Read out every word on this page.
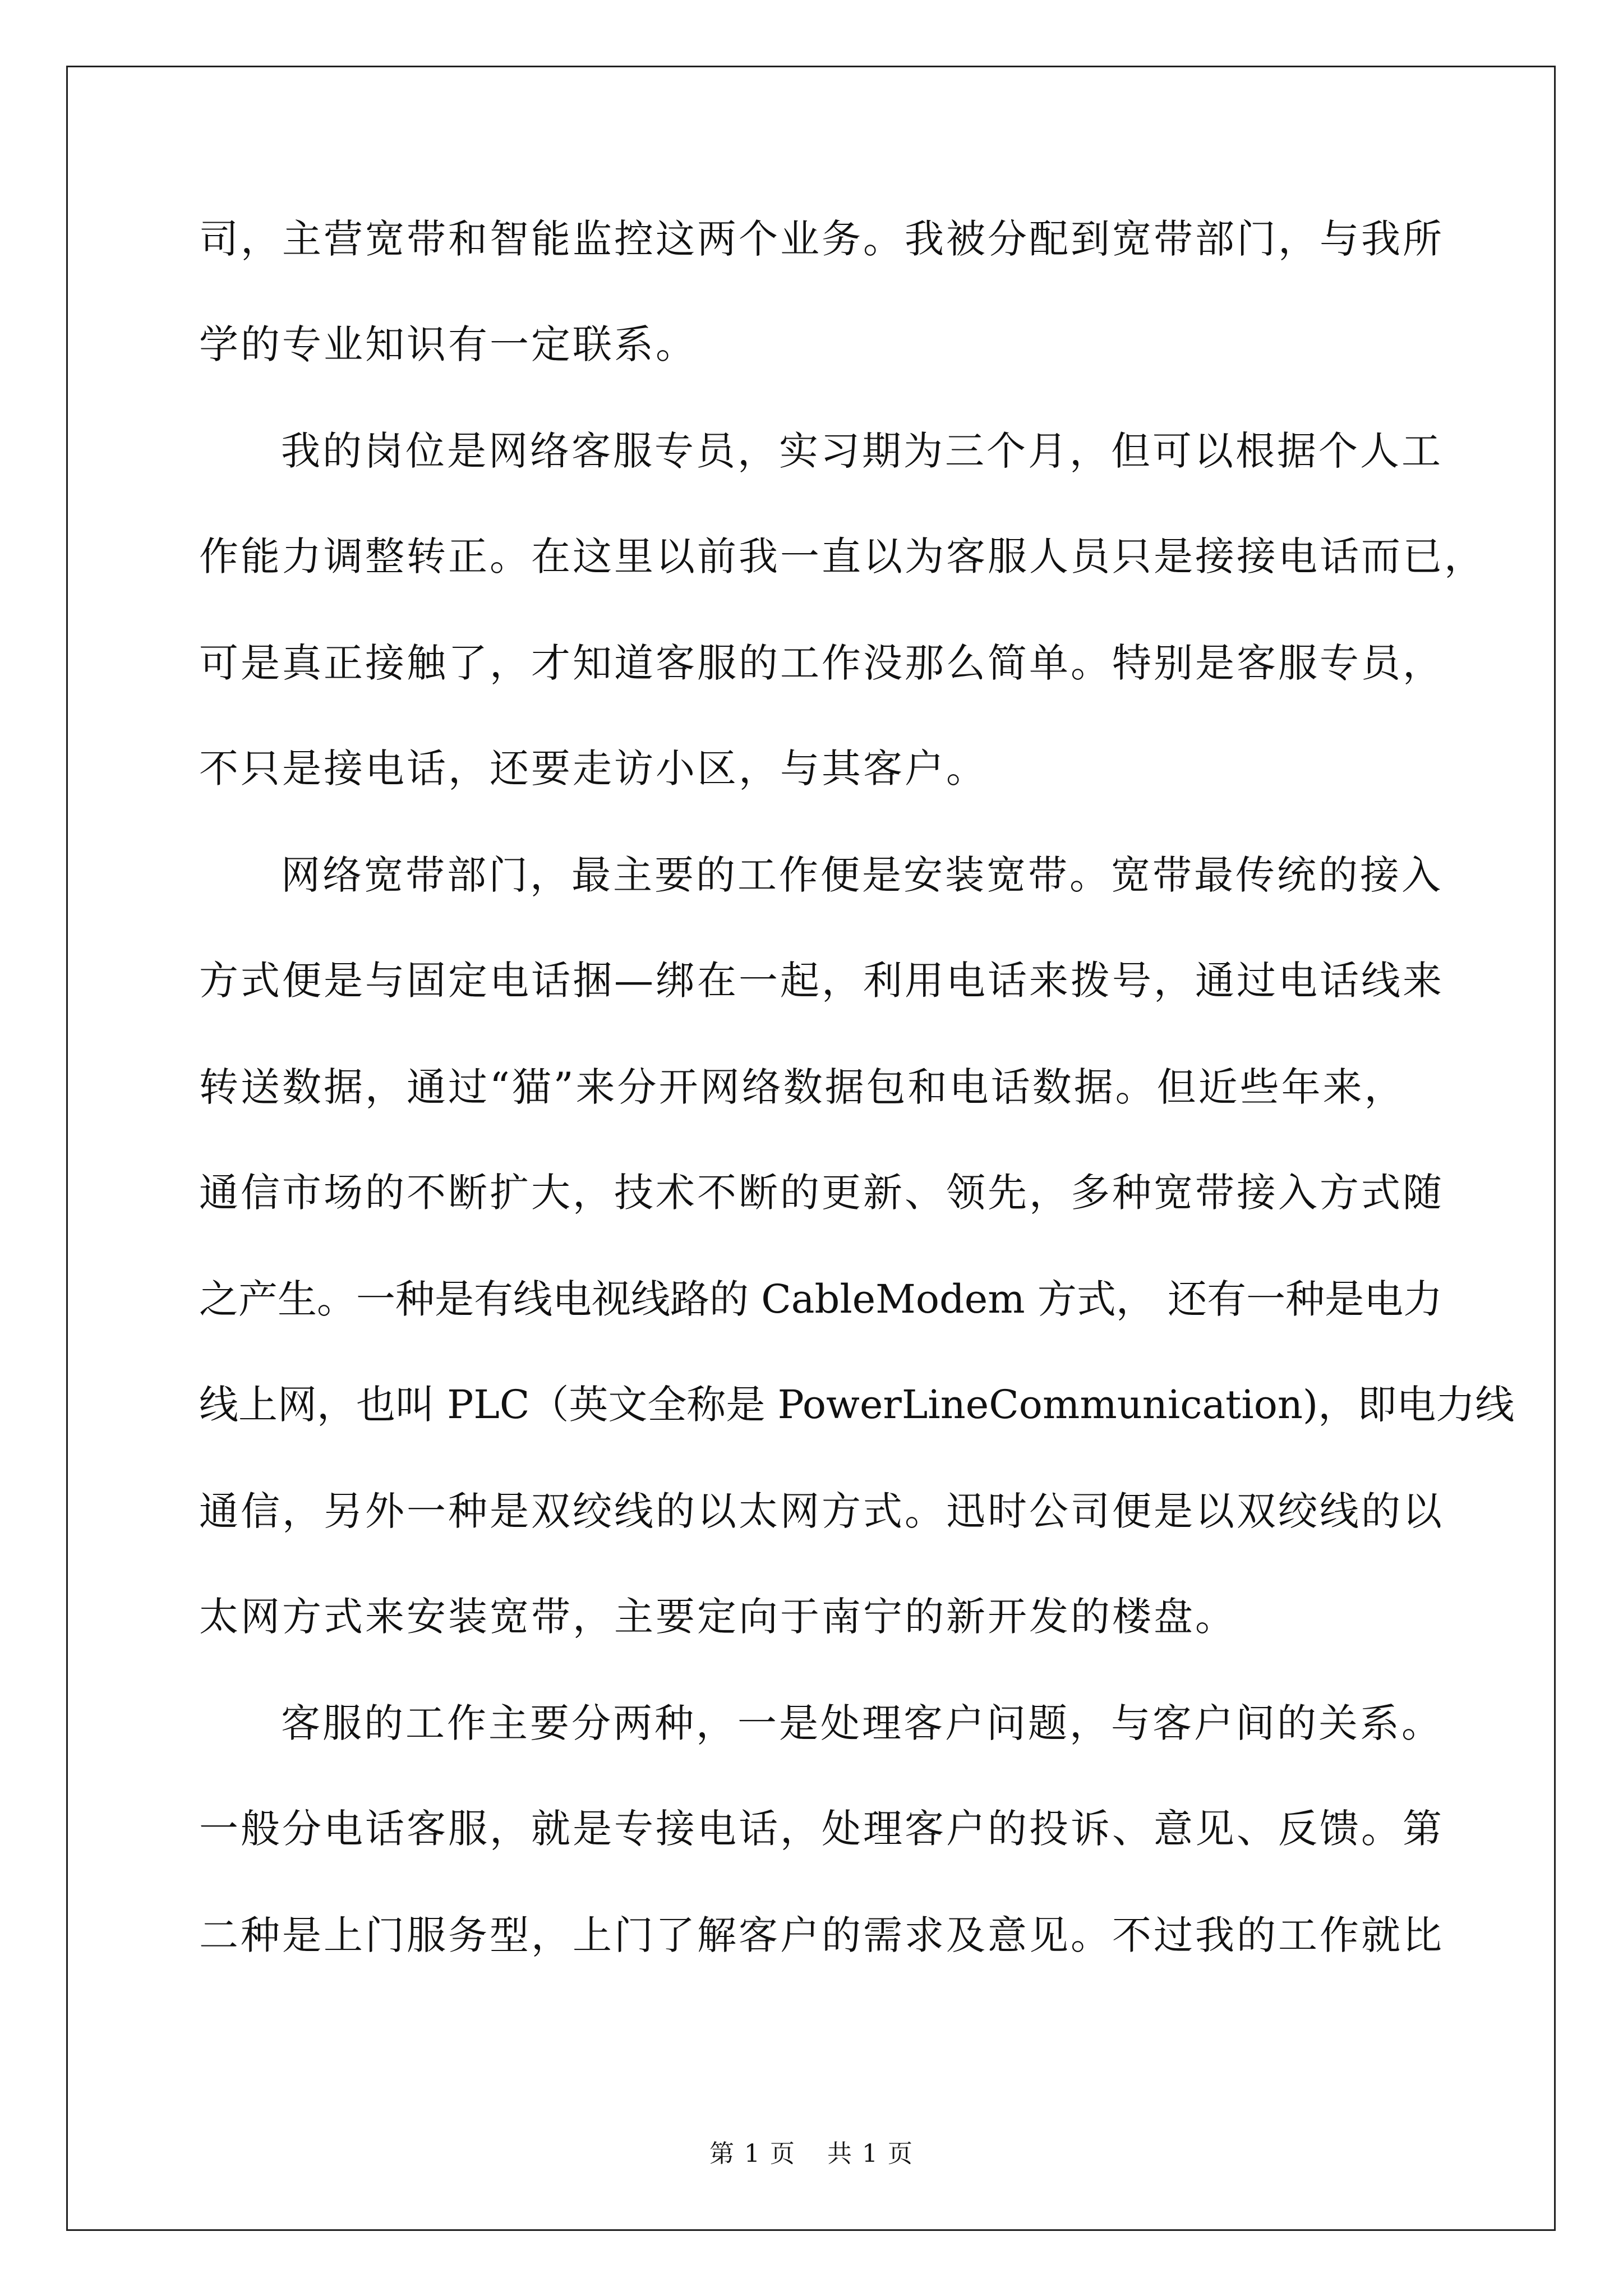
司，主营宽带和智能监控这两个业务。我被分配到宽带部门，与我所
学的专业知识有一定联系。
我的岗位是网络客服专员，实习期为三个月，但可以根据个人工
作能力调整转正。在这里以前我一直以为客服人员只是接接电话而已，
可是真正接触了，才知道客服的工作没那么简单。特别是客服专员，
不只是接电话，还要走访小区，与其客户。
网络宽带部门，最主要的工作便是安装宽带。宽带最传统的接入
方式便是与固定电话捆—绑在一起，利用电话来拨号，通过电话线来
转送数据，通过“猫”来分开网络数据包和电话数据。但近些年来，
通信市场的不断扩大，技术不断的更新、领先，多种宽带接入方式随
之产生。一种是有线电视线路的 CableModem 方式， 还有一种是电力
线上网，也叫 PLC（英文全称是 PowerLineCommunication)，即电力线
通信，另外一种是双绞线的以太网方式。迅时公司便是以双绞线的以
太网方式来安装宽带，主要定向于南宁的新开发的楼盘。
客服的工作主要分两种，一是处理客户问题，与客户间的关系。
一般分电话客服，就是专接电话，处理客户的投诉、意见、反馈。第
二种是上门服务型，上门了解客户的需求及意见。不过我的工作就比
第 1 页 共 1 页
